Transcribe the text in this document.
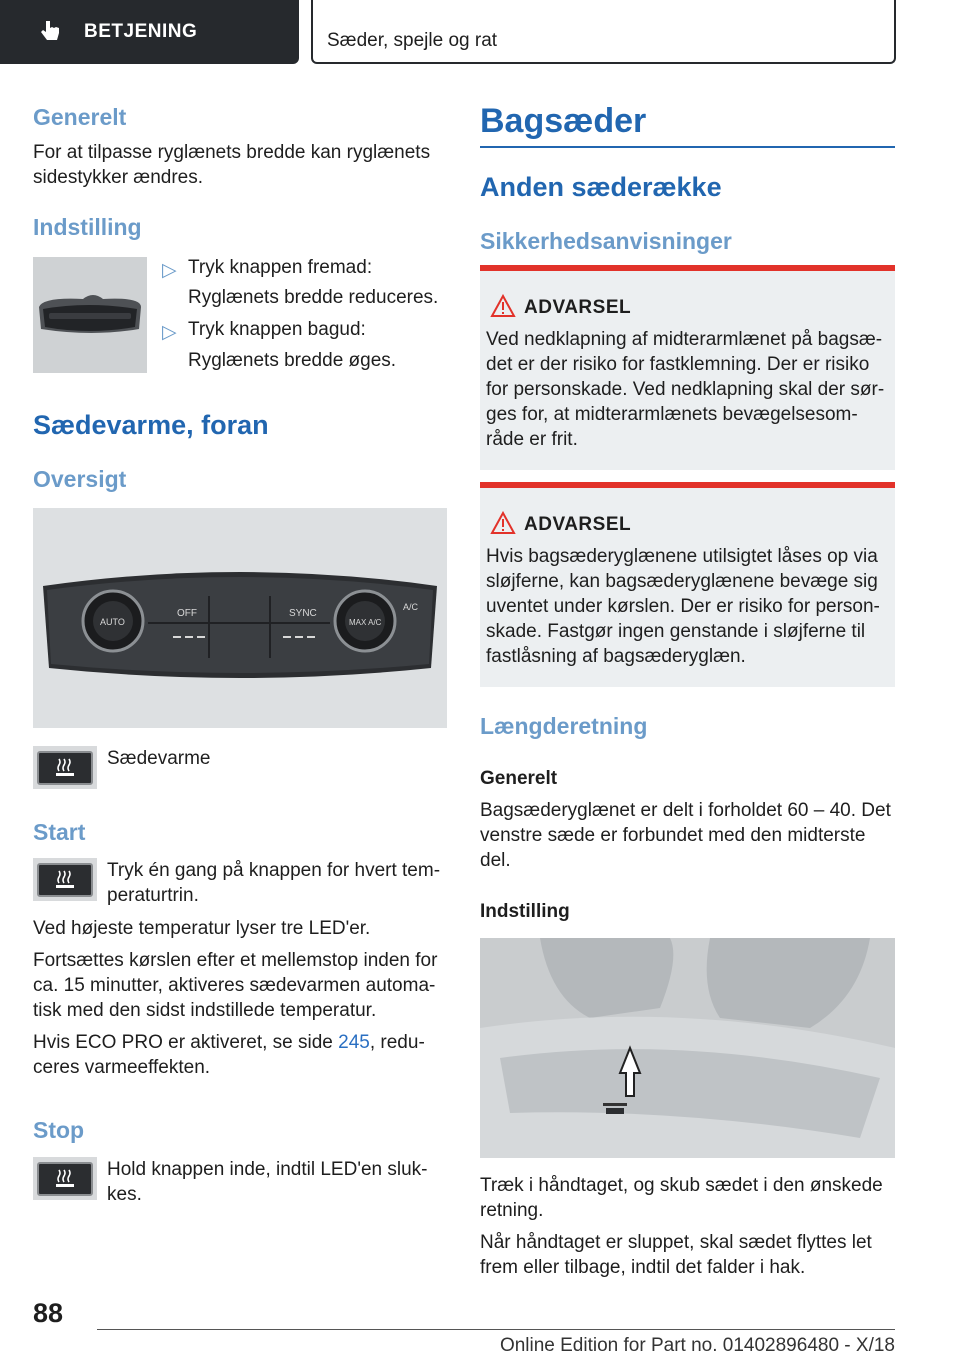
BETJENING	Sæder, spejle og rat
Generelt
For at tilpasse ryglænets bredde kan ryglænets sidestykker ændres.
Indstilling
▷ Tryk knappen fremad:
Ryglænets bredde reduceres.
▷ Tryk knappen bagud:
Ryglænets bredde øges.
Sædevarme, foran
Oversigt
OFF	SYNC
AUTO	MAX A/C
A/C
Sædevarme
Start
Tryk én gang på knappen for hvert tem-peraturtrin.
Ved højeste temperatur lyser tre LED'er.
Fortsættes kørslen efter et mellemstop inden for ca. 15 minutter, aktiveres sædevarmen automa-tisk med den sidst indstillede temperatur.
Hvis ECO PRO er aktiveret, se side 245, redu-ceres varmeeffekten.
Stop
Hold knappen inde, indtil LED'en sluk-kes.
Bagsæder
Anden sæderække
Sikkerhedsanvisninger
ADVARSEL
Ved nedklapning af midterarmlænet på bagsæ-det er der risiko for fastklemning. Der er risiko for personskade. Ved nedklapning skal der sør-ges for, at midterarmlænets bevægelsesom-råde er frit.
ADVARSEL
Hvis bagsæderyglænene utilsigtet låses op via sløjferne, kan bagsæderyglænene bevæge sig uventet under kørslen. Der er risiko for person-skade. Fastgør ingen genstande i sløjferne til fastlåsning af bagsæderyglæn.
Længderetning
Generelt
Bagsæderyglænet er delt i forholdet 60 – 40. Det venstre sæde er forbundet med den midterste del.
Indstilling
Træk i håndtaget, og skub sædet i den ønskede retning.
Når håndtaget er sluppet, skal sædet flyttes let frem eller tilbage, indtil det falder i hak.
88
Online Edition for Part no. 01402896480 - X/18
